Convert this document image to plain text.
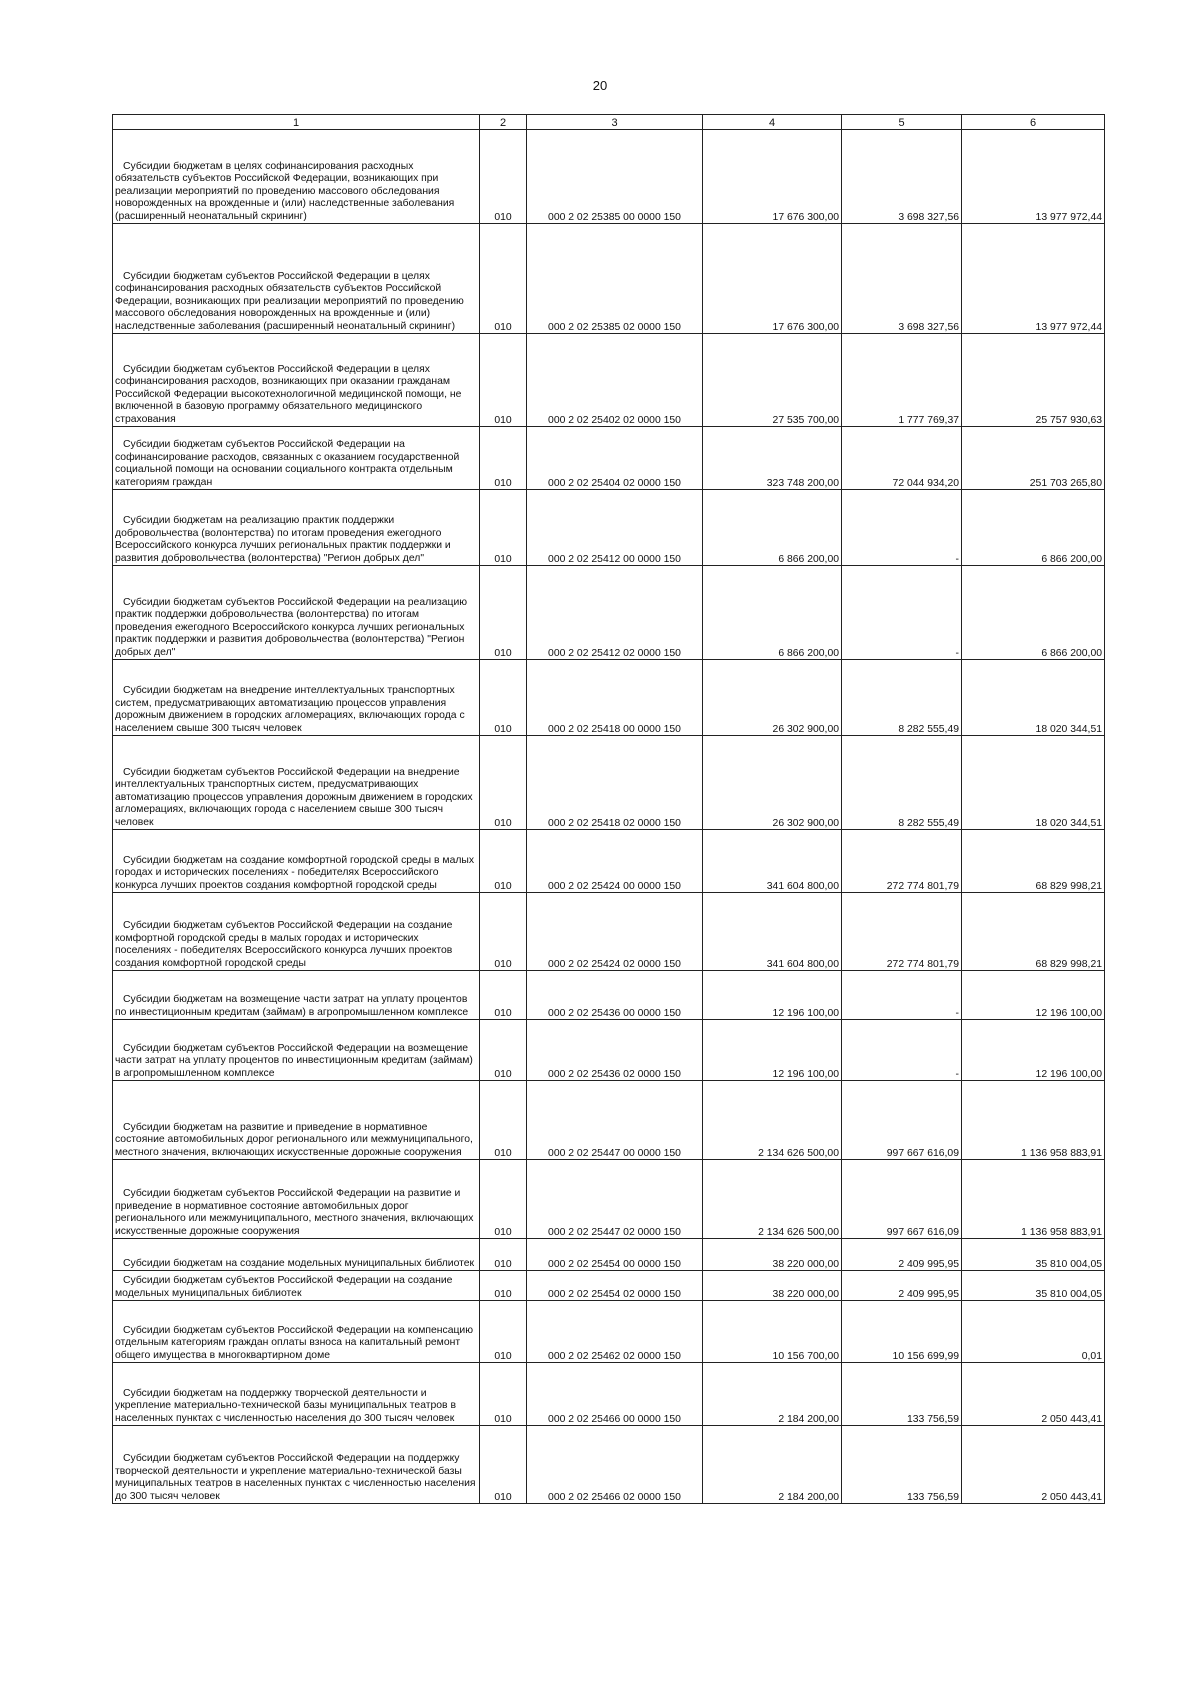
20
1	2	3	4	5	6

Субсидии бюджетам в целях софинансирования расходных обязательств субъектов Российской Федерации, возникающих при реализации мероприятий по проведению массового обследования новорожденных на врожденные и (или) наследственные заболевания (расширенный неонатальный скрининг)	010	000 2 02 25385 00 0000 150	17 676 300,00	3 698 327,56	13 977 972,44

Субсидии бюджетам субъектов Российской Федерации в целях софинансирования расходных обязательств субъектов Российской Федерации, возникающих при реализации мероприятий по проведению массового обследования новорожденных на врожденные и (или) наследственные заболевания (расширенный неонатальный скрининг)	010	000 2 02 25385 02 0000 150	17 676 300,00	3 698 327,56	13 977 972,44

Субсидии бюджетам субъектов Российской Федерации в целях софинансирования расходов, возникающих при оказании гражданам Российской Федерации высокотехнологичной медицинской помощи, не включенной в базовую программу обязательного медицинского страхования	010	000 2 02 25402 02 0000 150	27 535 700,00	1 777 769,37	25 757 930,63

Субсидии бюджетам субъектов Российской Федерации на софинансирование расходов, связанных с оказанием государственной социальной помощи на основании социального контракта отдельным категориям граждан	010	000 2 02 25404 02 0000 150	323 748 200,00	72 044 934,20	251 703 265,80

Субсидии бюджетам на реализацию практик поддержки добровольчества (волонтерства) по итогам проведения ежегодного Всероссийского конкурса лучших региональных практик поддержки и развития добровольчества (волонтерства) "Регион добрых дел"	010	000 2 02 25412 00 0000 150	6 866 200,00	-	6 866 200,00

Субсидии бюджетам субъектов Российской Федерации на реализацию практик поддержки добровольчества (волонтерства) по итогам проведения ежегодного Всероссийского конкурса лучших региональных практик поддержки и развития добровольчества (волонтерства) "Регион добрых дел"	010	000 2 02 25412 02 0000 150	6 866 200,00	-	6 866 200,00

Субсидии бюджетам на внедрение интеллектуальных транспортных систем, предусматривающих автоматизацию процессов управления дорожным движением в городских агломерациях, включающих города с населением свыше 300 тысяч человек	010	000 2 02 25418 00 0000 150	26 302 900,00	8 282 555,49	18 020 344,51

Субсидии бюджетам субъектов Российской Федерации на внедрение интеллектуальных транспортных систем, предусматривающих автоматизацию процессов управления дорожным движением в городских агломерациях, включающих города с населением свыше 300 тысяч человек	010	000 2 02 25418 02 0000 150	26 302 900,00	8 282 555,49	18 020 344,51

Субсидии бюджетам на создание комфортной городской среды в малых городах и исторических поселениях - победителях Всероссийского конкурса лучших проектов создания комфортной городской среды	010	000 2 02 25424 00 0000 150	341 604 800,00	272 774 801,79	68 829 998,21

Субсидии бюджетам субъектов Российской Федерации на создание комфортной городской среды в малых городах и исторических поселениях - победителях Всероссийского конкурса лучших проектов создания комфортной городской среды	010	000 2 02 25424 02 0000 150	341 604 800,00	272 774 801,79	68 829 998,21

Субсидии бюджетам на возмещение части затрат на уплату процентов по инвестиционным кредитам (займам) в агропромышленном комплексе	010	000 2 02 25436 00 0000 150	12 196 100,00	-	12 196 100,00

Субсидии бюджетам субъектов Российской Федерации на возмещение части затрат на уплату процентов по инвестиционным кредитам (займам) в агропромышленном комплексе	010	000 2 02 25436 02 0000 150	12 196 100,00	-	12 196 100,00

Субсидии бюджетам на развитие и приведение в нормативное состояние автомобильных дорог регионального или межмуниципального, местного значения, включающих искусственные дорожные сооружения	010	000 2 02 25447 00 0000 150	2 134 626 500,00	997 667 616,09	1 136 958 883,91

Субсидии бюджетам субъектов Российской Федерации на развитие и приведение в нормативное состояние автомобильных дорог регионального или межмуниципального, местного значения, включающих искусственные дорожные сооружения	010	000 2 02 25447 02 0000 150	2 134 626 500,00	997 667 616,09	1 136 958 883,91

Субсидии бюджетам на создание модельных муниципальных библиотек	010	000 2 02 25454 00 0000 150	38 220 000,00	2 409 995,95	35 810 004,05

Субсидии бюджетам субъектов Российской Федерации на создание модельных муниципальных библиотек	010	000 2 02 25454 02 0000 150	38 220 000,00	2 409 995,95	35 810 004,05

Субсидии бюджетам субъектов Российской Федерации на компенсацию отдельным категориям граждан оплаты взноса на капитальный ремонт общего имущества в многоквартирном доме	010	000 2 02 25462 02 0000 150	10 156 700,00	10 156 699,99	0,01

Субсидии бюджетам на поддержку творческой деятельности и укрепление материально-технической базы муниципальных театров в населенных пунктах с численностью населения до 300 тысяч человек	010	000 2 02 25466 00 0000 150	2 184 200,00	133 756,59	2 050 443,41

Субсидии бюджетам субъектов Российской Федерации на поддержку творческой деятельности и укрепление материально-технической базы муниципальных театров в населенных пунктах с численностью населения до 300 тысяч человек	010	000 2 02 25466 02 0000 150	2 184 200,00	133 756,59	2 050 443,41
